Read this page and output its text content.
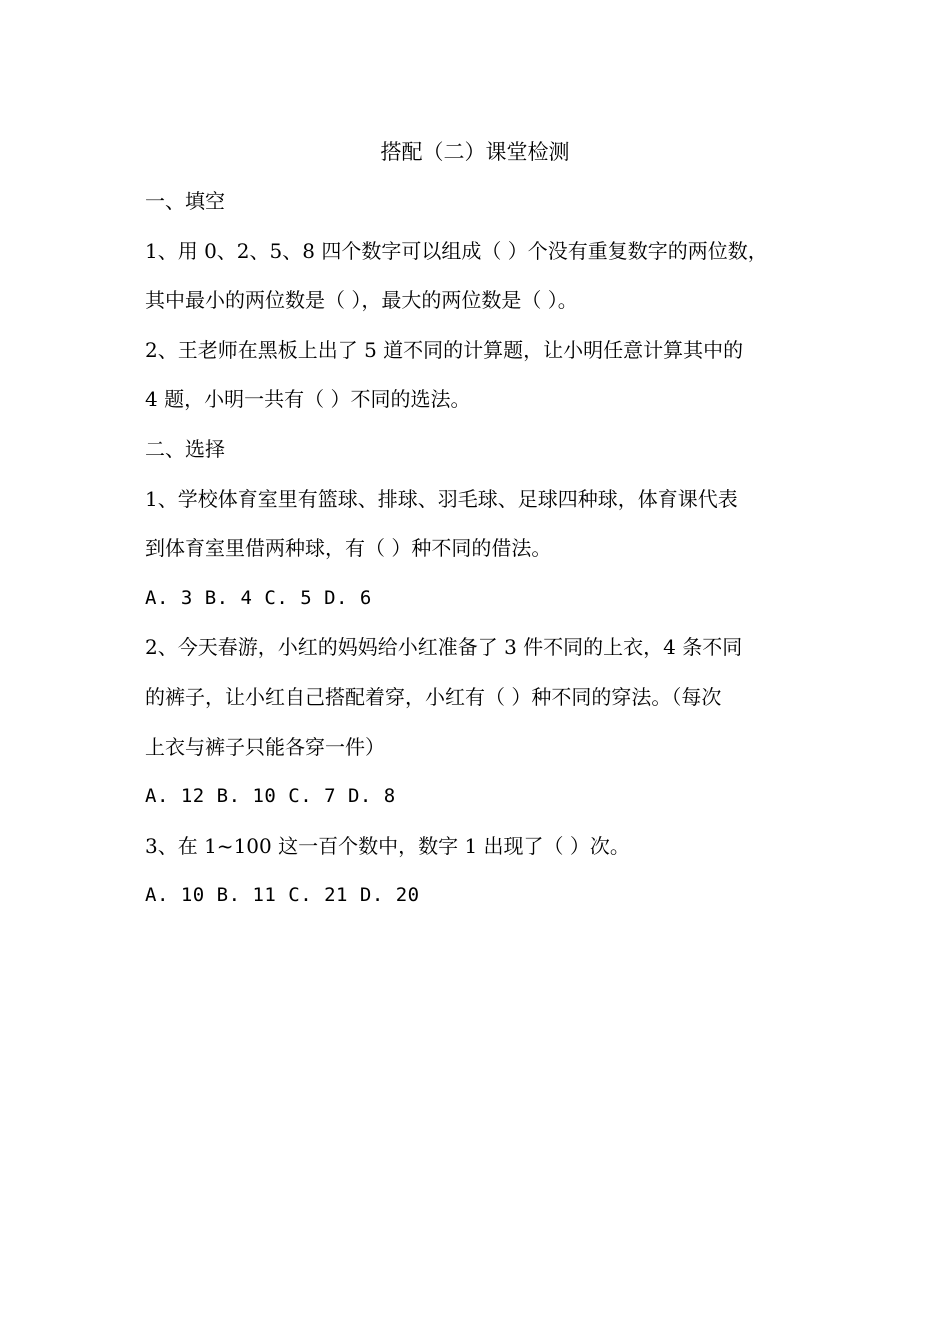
搭配（二）课堂检测
一、填空
1、用 0、2、5、8 四个数字可以组成（ ）个没有重复数字的两位数，
其中最小的两位数是（ ），最大的两位数是（ ）。
2、王老师在黑板上出了 5 道不同的计算题，让小明任意计算其中的
4 题，小明一共有（ ）不同的选法。
二、选择
1、学校体育室里有篮球、排球、羽毛球、足球四种球，体育课代表
到体育室里借两种球，有（ ）种不同的借法。
A. 3 B. 4 C. 5 D. 6
2、今天春游，小红的妈妈给小红准备了 3 件不同的上衣，4 条不同
的裤子，让小红自己搭配着穿，小红有（ ）种不同的穿法。（每次
上衣与裤子只能各穿一件）
A. 12 B. 10 C. 7 D. 8
3、在 1~100 这一百个数中，数字 1 出现了（ ）次。
A. 10 B. 11 C. 21 D. 20
